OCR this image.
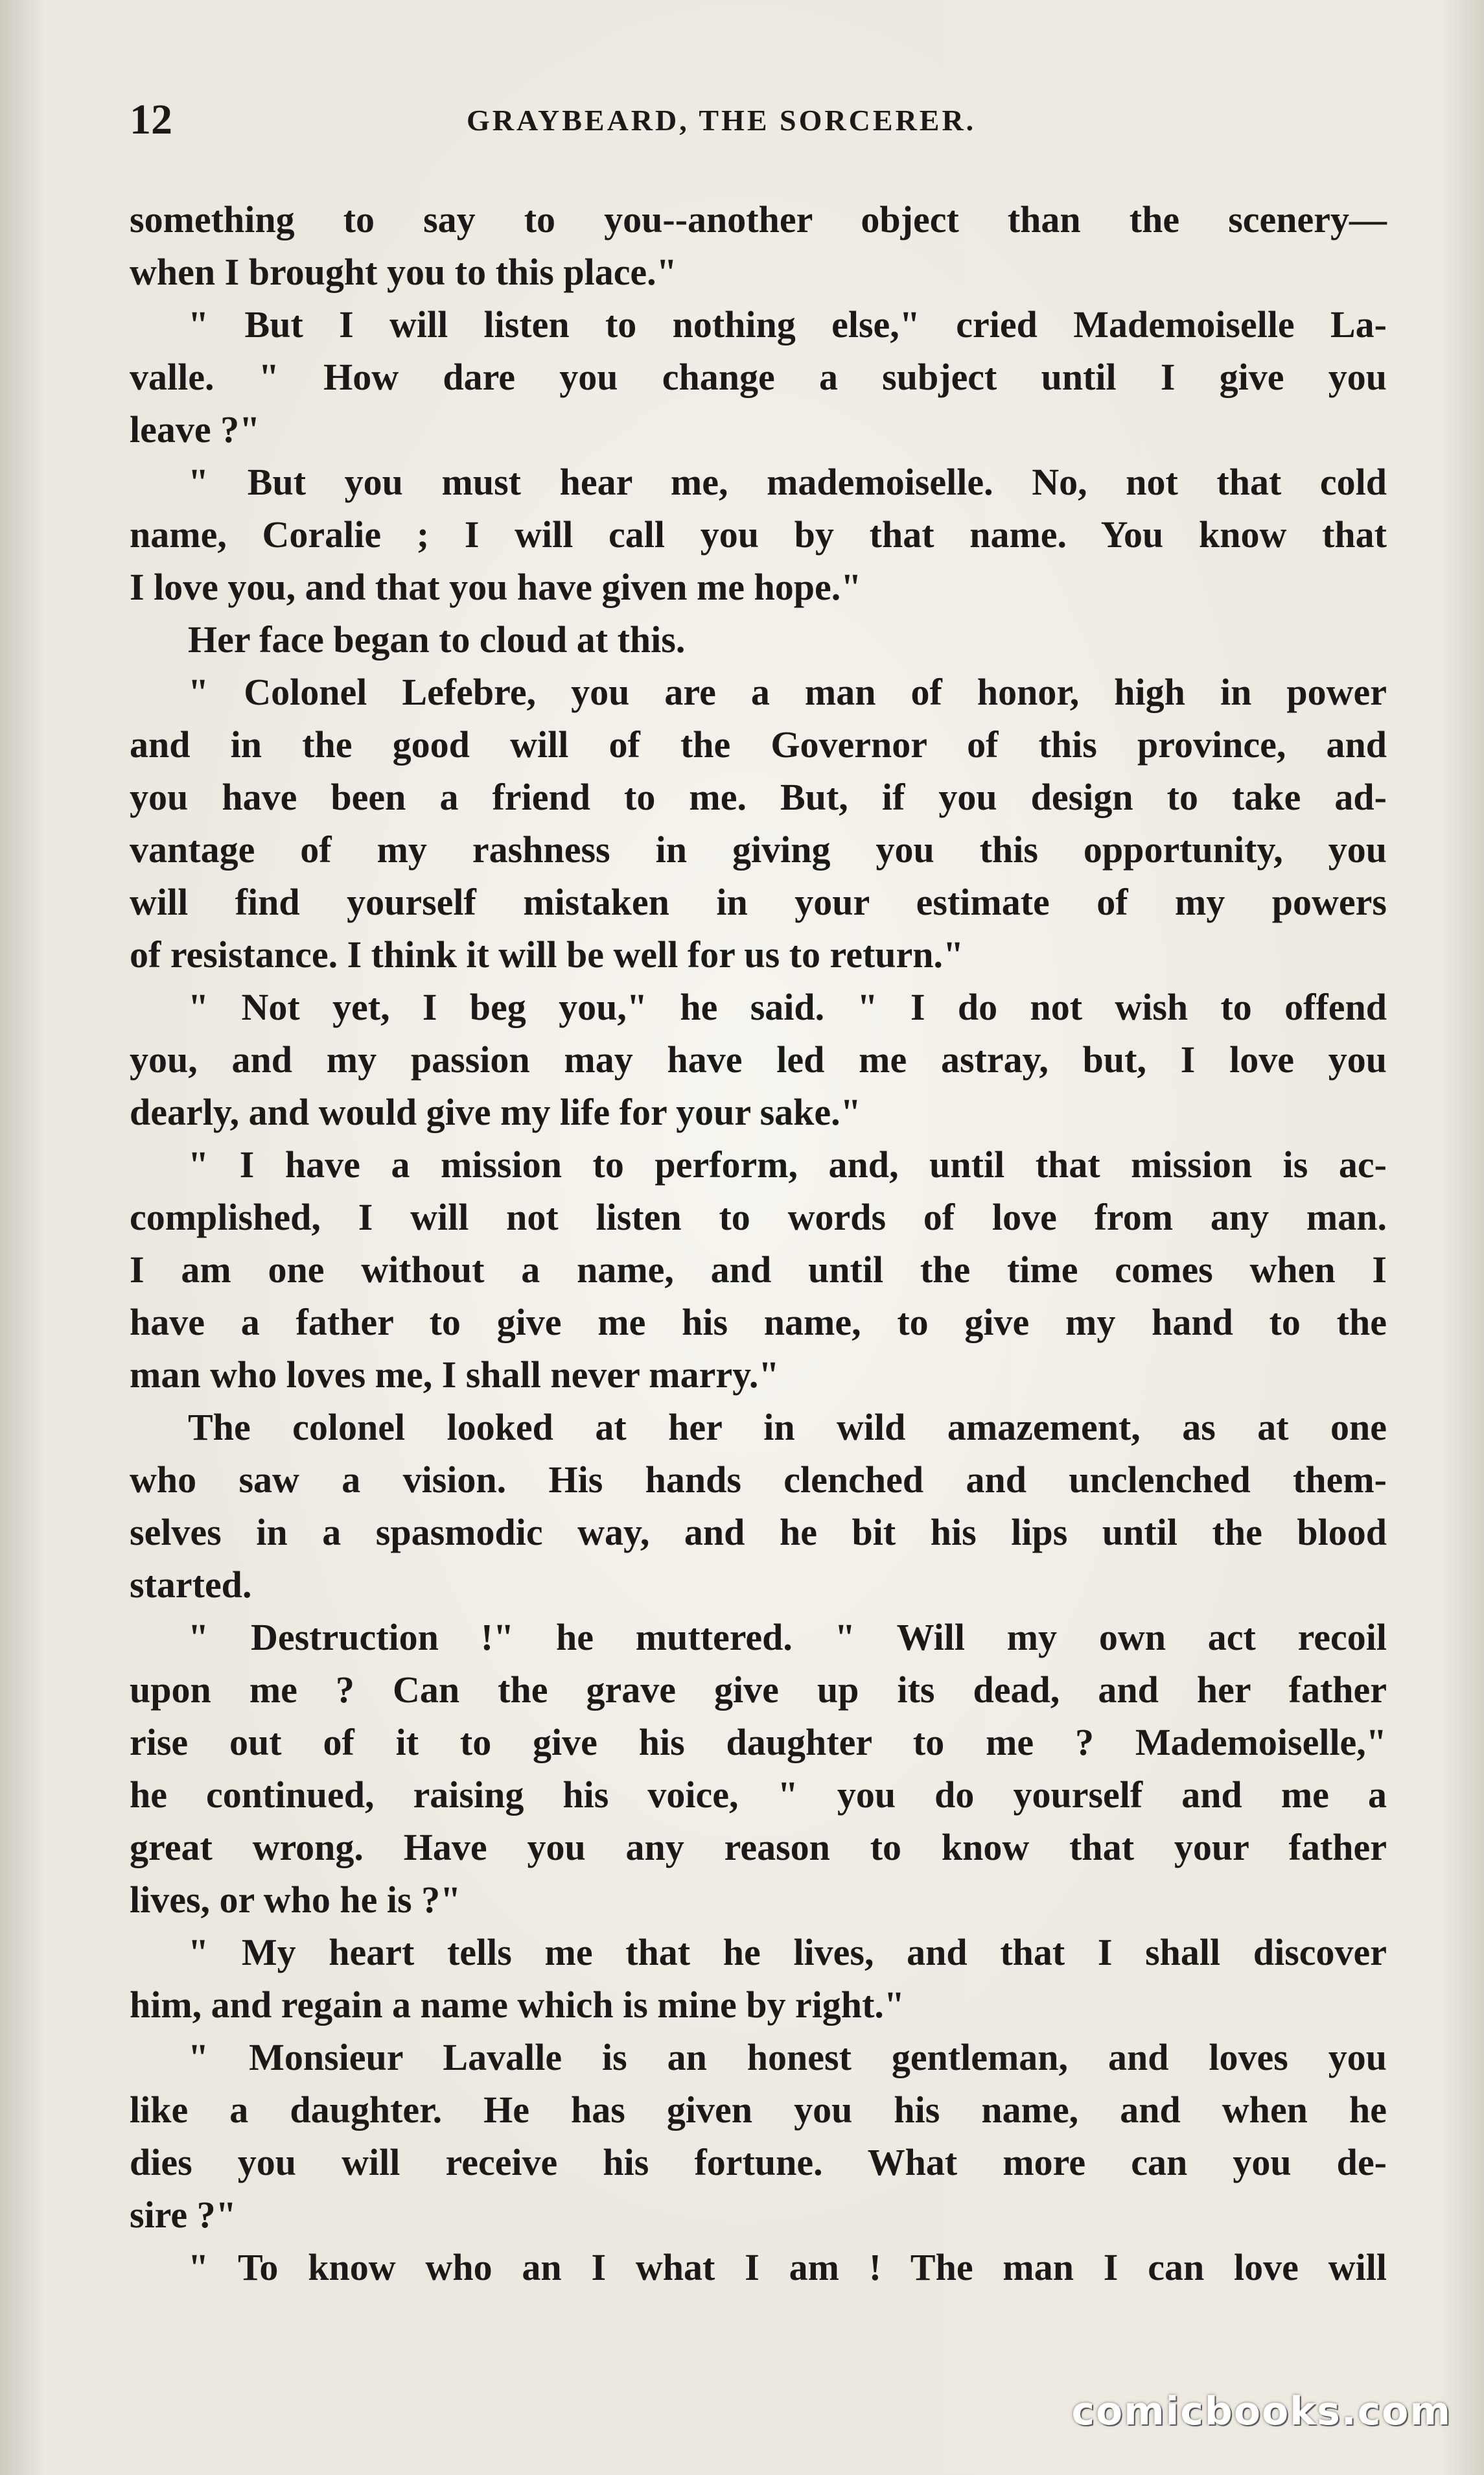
12	GRAYBEARD, THE SORCERER.
something to say to you--another object than the scenery—
when I brought you to this place."
" But I will listen to nothing else," cried Mademoiselle La-
valle. " How dare you change a subject until I give you
leave ?"
" But you must hear me, mademoiselle. No, not that cold
name, Coralie ; I will call you by that name. You know that
I love you, and that you have given me hope."
Her face began to cloud at this.
" Colonel Lefebre, you are a man of honor, high in power
and in the good will of the Governor of this province, and
you have been a friend to me. But, if you design to take ad-
vantage of my rashness in giving you this opportunity, you
will find yourself mistaken in your estimate of my powers
of resistance. I think it will be well for us to return."
" Not yet, I beg you," he said. " I do not wish to offend
you, and my passion may have led me astray, but, I love you
dearly, and would give my life for your sake."
" I have a mission to perform, and, until that mission is ac-
complished, I will not listen to words of love from any man.
I am one without a name, and until the time comes when I
have a father to give me his name, to give my hand to the
man who loves me, I shall never marry."
The colonel looked at her in wild amazement, as at one
who saw a vision. His hands clenched and unclenched them-
selves in a spasmodic way, and he bit his lips until the blood
started.
" Destruction !" he muttered. " Will my own act recoil
upon me ? Can the grave give up its dead, and her father
rise out of it to give his daughter to me ? Mademoiselle,"
he continued, raising his voice, " you do yourself and me a
great wrong. Have you any reason to know that your father
lives, or who he is ?"
" My heart tells me that he lives, and that I shall discover
him, and regain a name which is mine by right."
" Monsieur Lavalle is an honest gentleman, and loves you
like a daughter. He has given you his name, and when he
dies you will receive his fortune. What more can you de-
sire ?"
" To know who an I what I am ! The man I can love will
comicbooks.com
